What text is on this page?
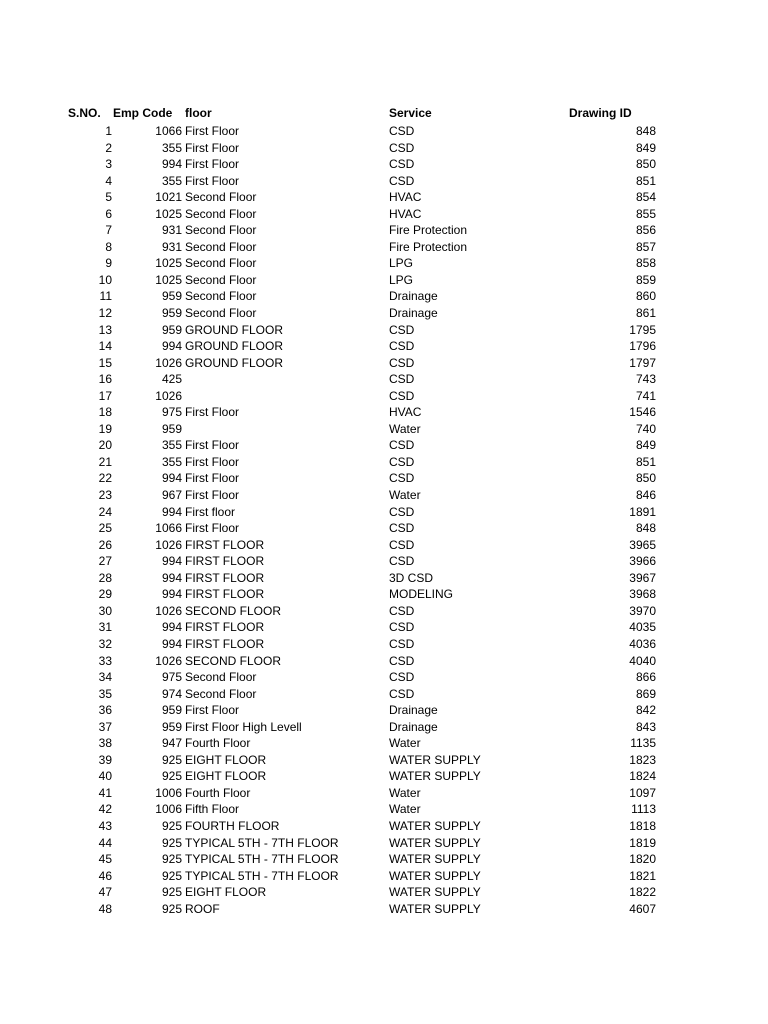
S.NO. Emp Code floor	Service	Drawing ID
1	1066 First Floor	CSD	848
2	355 First Floor	CSD	849
3	994 First Floor	CSD	850
4	355 First Floor	CSD	851
5	1021 Second Floor	HVAC	854
6	1025 Second Floor	HVAC	855
7	931 Second Floor	Fire Protection	856
8	931 Second Floor	Fire Protection	857
9	1025 Second Floor	LPG	858
10	1025 Second Floor	LPG	859
11	959 Second Floor	Drainage	860
12	959 Second Floor	Drainage	861
13	959 GROUND FLOOR	CSD	1795
14	994 GROUND FLOOR	CSD	1796
15	1026 GROUND FLOOR	CSD	1797
16	425	CSD	743
17	1026	CSD	741
18	975 First Floor	HVAC	1546
19	959	Water	740
20	355 First Floor	CSD	849
21	355 First Floor	CSD	851
22	994 First Floor	CSD	850
23	967 First Floor	Water	846
24	994 First floor	CSD	1891
25	1066 First Floor	CSD	848
26	1026 FIRST FLOOR	CSD	3965
27	994 FIRST FLOOR	CSD	3966
28	994 FIRST FLOOR	3D CSD	3967
29	994 FIRST FLOOR	MODELING	3968
30	1026 SECOND FLOOR	CSD	3970
31	994 FIRST FLOOR	CSD	4035
32	994 FIRST FLOOR	CSD	4036
33	1026 SECOND FLOOR	CSD	4040
34	975 Second Floor	CSD	866
35	974 Second Floor	CSD	869
36	959 First Floor	Drainage	842
37	959 First Floor High Levell	Drainage	843
38	947 Fourth Floor	Water	1135
39	925 EIGHT FLOOR	WATER SUPPLY	1823
40	925 EIGHT FLOOR	WATER SUPPLY	1824
41	1006 Fourth Floor	Water	1097
42	1006 Fifth Floor	Water	1113
43	925 FOURTH FLOOR	WATER SUPPLY	1818
44	925 TYPICAL 5TH - 7TH FLOOR	WATER SUPPLY	1819
45	925 TYPICAL 5TH - 7TH FLOOR	WATER SUPPLY	1820
46	925 TYPICAL 5TH - 7TH FLOOR	WATER SUPPLY	1821
47	925 EIGHT FLOOR	WATER SUPPLY	1822
48	925 ROOF	WATER SUPPLY	4607
